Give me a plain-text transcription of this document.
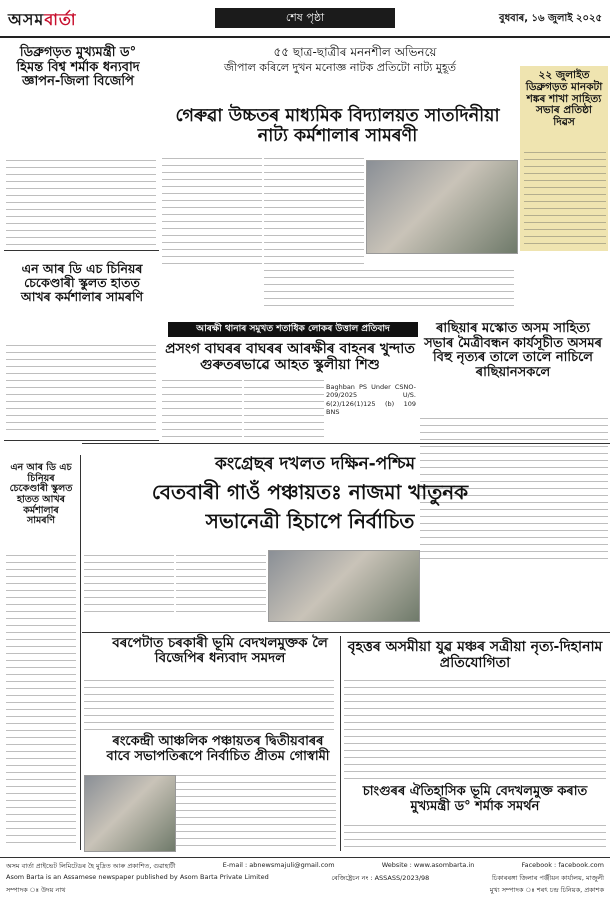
অসমবাৰ্তা	শেষ পৃষ্ঠা	বুধবাৰ, ১৬ জুলাই ২০২৫
ডিব্ৰুগড়ত মুখ্যমন্ত্ৰী ড° হিমন্ত বিশ্ব শৰ্মাক ধন্যবাদ জ্ঞাপন-জিলা বিজেপি
এন আৰ ডি এচ চিনিয়ৰ চেকেণ্ডাৰী স্কুলত হাতত আখৰ কৰ্মশালাৰ সামৰণি
এন আৰ ডি এচ চিনিয়ৰ চেকেণ্ডাৰী স্কুলত হাতত আখৰ কৰ্মশালাৰ সামৰণি
৫৫ ছাত্ৰ-ছাত্ৰীৰ মননশীল অভিনয়ে
জীপাল কৰিলে দুখন মনোজ্ঞ নাটক প্ৰতিটো নাট্য মুহূৰ্ত
গেৰুৱা উচ্চতৰ মাধ্যমিক বিদ্যালয়ত সাতদিনীয়া নাট্য কৰ্মশালাৰ সামৰণী
২২ জুলাইত ডিব্ৰুগড়ত মানকটা শঙ্কৰ শাখা সাহিত্য সভাৰ প্ৰতিষ্ঠা দিৱস
ৰাছিয়াৰ মস্কোত অসম সাহিত্য সভাৰ মৈত্ৰীবন্ধন কাৰ্যসূচীত অসমৰ বিহু নৃত্যৰ তালে তালে নাচিলে ৰাছিয়ানসকলে
আৰক্ষী থানাৰ সমুখত শতাধিক লোকৰ উত্তাল প্ৰতিবাদ
প্ৰসংগ বাঘৰৰ বাঘৰৰ আৰক্ষীৰ বাহনৰ খুন্দাত গুৰুতৰভাৱে আহত স্কুলীয়া শিশু
Baghban PS Under CSNO-209/2025 U/S. 6(2)/126(1)125 (b) 109 BNS
কংগ্ৰেছৰ দখলত দক্ষিন-পশ্চিম
বেতবাৰী গাওঁ পঞ্চায়তঃ নাজমা খাতুনক
সভানেত্ৰী হিচাপে নিৰ্বাচিত
বৰপেটাত চৰকাৰী ভূমি বেদখলমুক্তক লৈ বিজেপিৰ ধন্যবাদ সমদল
ৰংকেন্দ্ৰী আঞ্চলিক পঞ্চায়তৰ দ্বিতীয়বাৰৰ বাবে সভাপতিৰূপে নিৰ্বাচিত প্ৰীতম গোস্বামী
বৃহত্তৰ অসমীয়া যুৱ মঞ্চৰ সত্ৰীয়া নৃত্য-দিহানাম প্ৰতিযোগিতা
চাংগুৰৰ ঐতিহাসিক ভূমি বেদখলমুক্ত কৰাত মুখ্যমন্ত্ৰী ড° শৰ্মাক সমৰ্থন
অসম বাৰ্তা প্ৰাইভেট লিমিটেডৰ হৈ মুদ্ৰিত আৰু প্ৰকাশিত, গুৱাহাটী	E-mail : abnewsmajuli@gmail.com	Website : www.asombarta.in	Facebook : facebook.com
Asom Barta is an Assamese newspaper published by Asom Barta Private Limited	ৰেজিষ্ট্ৰেচন নং : ASSASS/2023/98	চিকাৰৰঙ্গা জিলাৰ পঞ্জীয়ন কাৰ্যালয়, মাজুলী
সম্পাদক ঃ উদয় নাথ	মুখ্য সম্পাদক ঃ শৰৎ চন্দ্ৰ চিনিয়ক, প্ৰকাশক
